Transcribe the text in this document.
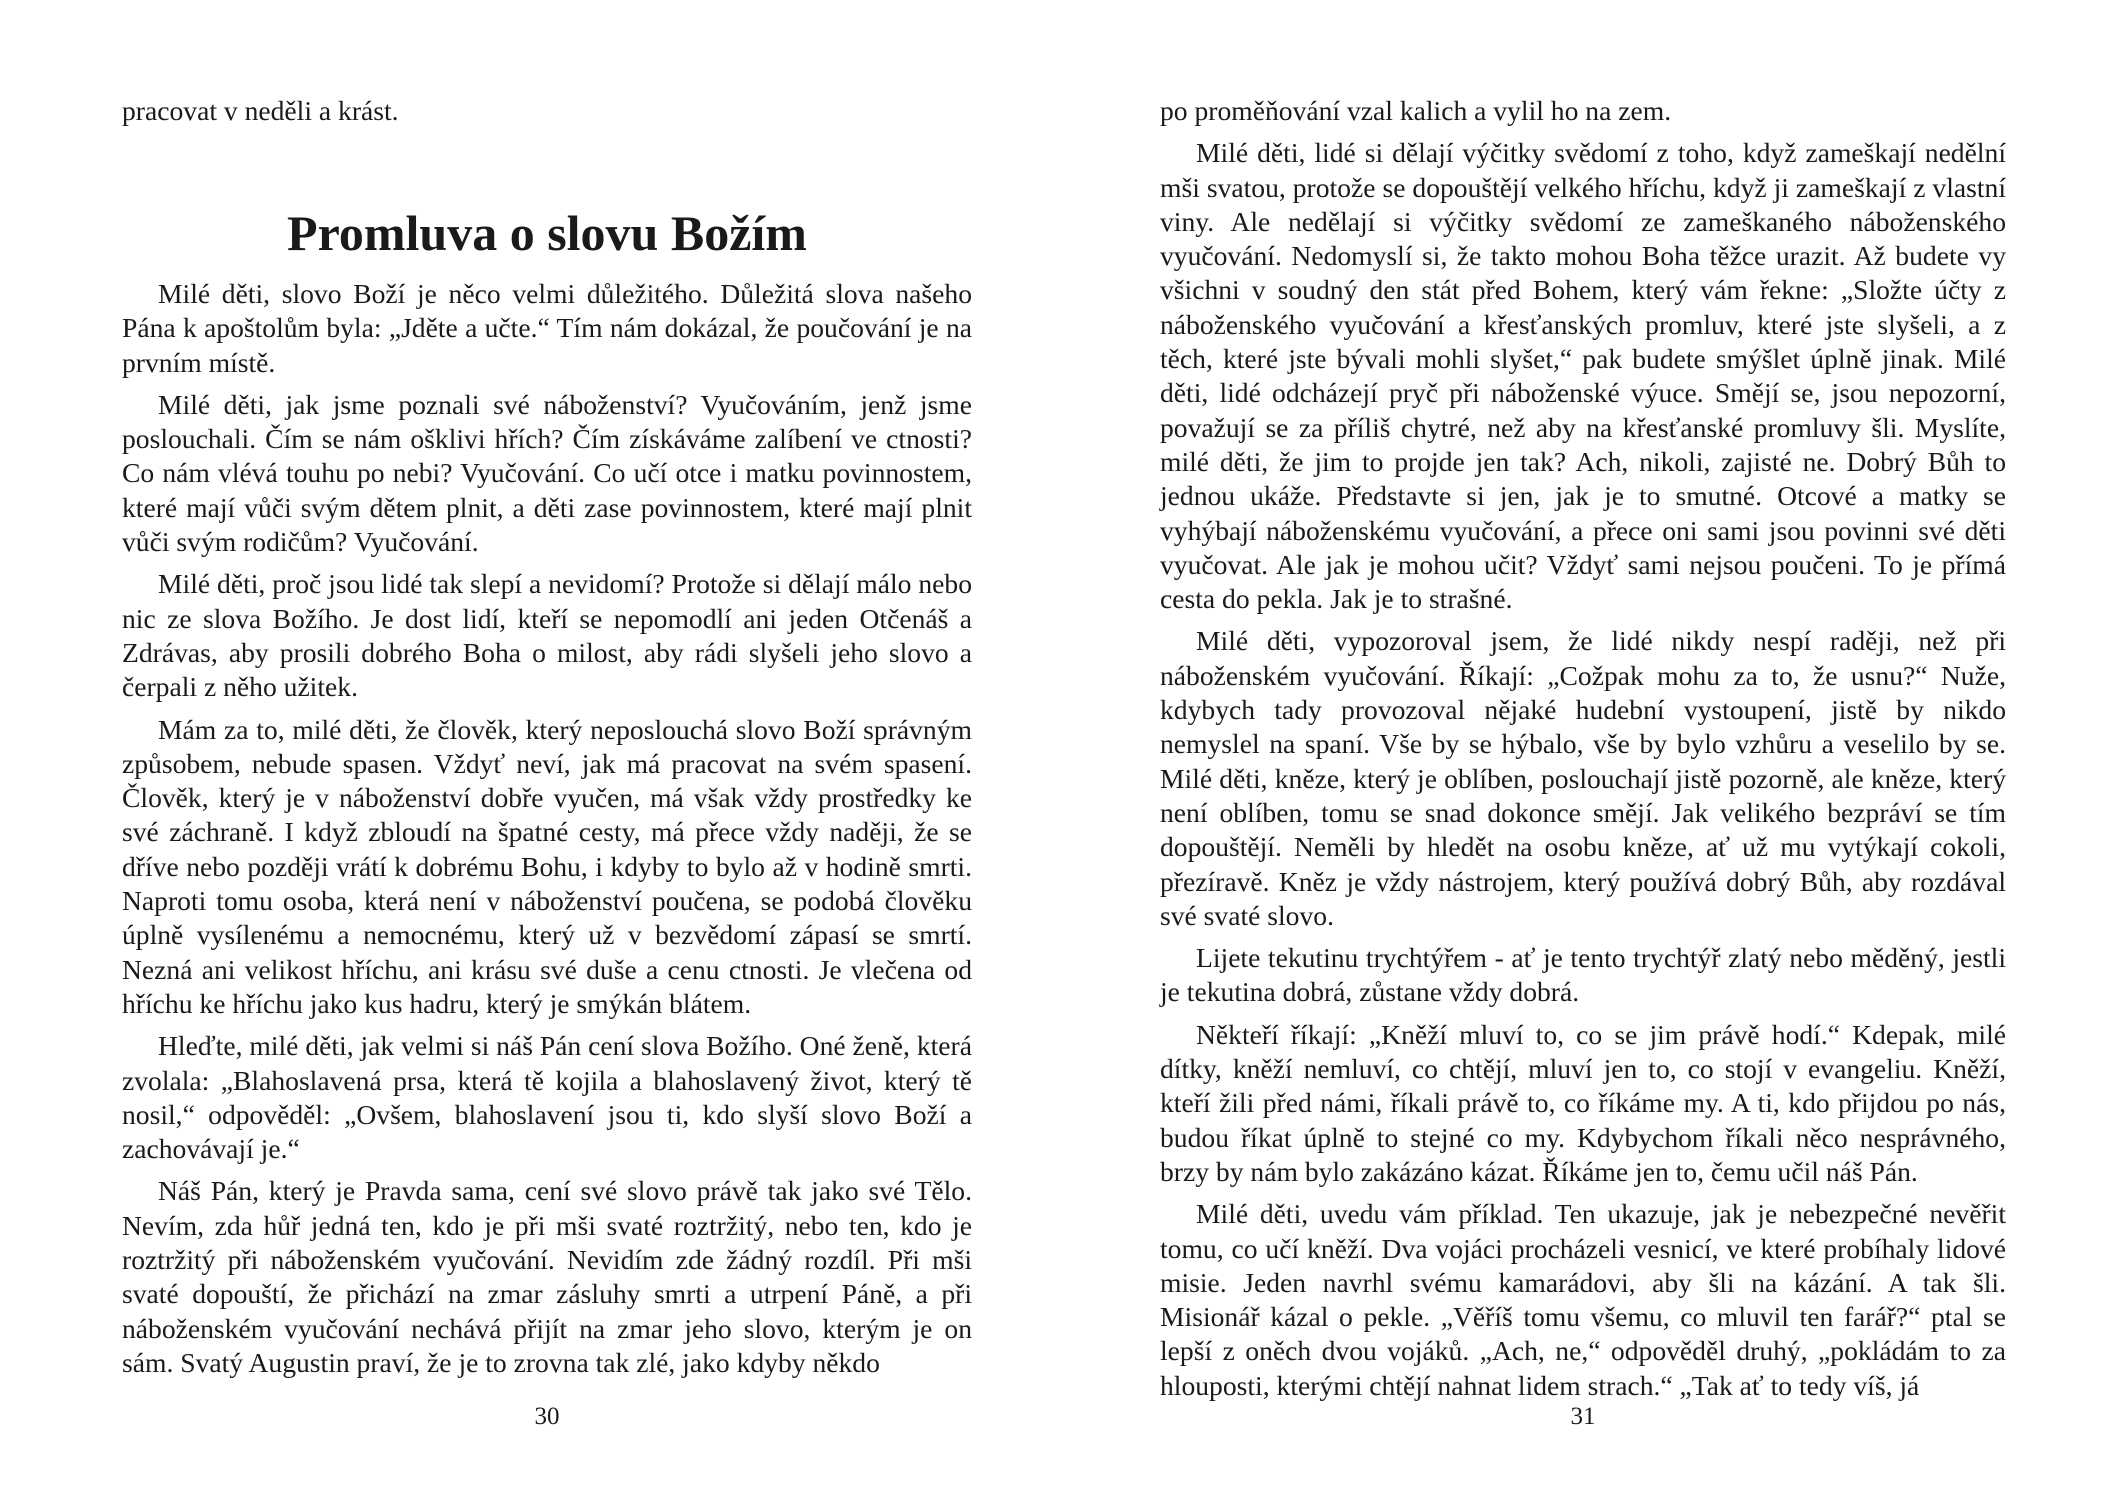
pracovat v neděli a krást.

Promluva o slovu Božím

Milé děti, slovo Boží je něco velmi důležitého. Důležitá slova našeho Pána k apoštolům byla: „Jděte a učte.“ Tím nám dokázal, že poučování je na prvním místě.

Milé děti, jak jsme poznali své náboženství? Vyučováním, jenž jsme poslouchali. Čím se nám ošklivi hřích? Čím získáváme zalíbení ve ctnosti? Co nám vlévá touhu po nebi? Vyučování. Co učí otce i matku povinnostem, které mají vůči svým dětem plnit, a děti zase povinnostem, které mají plnit vůči svým rodičům? Vyučování.

Milé děti, proč jsou lidé tak slepí a nevidomí? Protože si dělají málo nebo nic ze slova Božího. Je dost lidí, kteří se nepomodlí ani jeden Otčenáš a Zdrávas, aby prosili dobrého Boha o milost, aby rádi slyšeli jeho slovo a čerpali z něho užitek.

Mám za to, milé děti, že člověk, který neposlouchá slovo Boží správným způsobem, nebude spasen. Vždyť neví, jak má pracovat na svém spasení. Člověk, který je v náboženství dobře vyučen, má však vždy prostředky ke své záchraně. I když zbloudí na špatné cesty, má přece vždy naději, že se dříve nebo později vrátí k dobrému Bohu, i kdyby to bylo až v hodině smrti. Naproti tomu osoba, která není v náboženství poučena, se podobá člověku úplně vysílenému a nemocnému, který už v bezvědomí zápasí se smrtí. Nezná ani velikost hříchu, ani krásu své duše a cenu ctnosti. Je vlečena od hříchu ke hříchu jako kus hadru, který je smýkán blátem.

Hleďte, milé děti, jak velmi si náš Pán cení slova Božího. Oné ženě, která zvolala: „Blahoslavená prsa, která tě kojila a blahoslavený život, který tě nosil,“ odpověděl: „Ovšem, blahoslavení jsou ti, kdo slyší slovo Boží a zachovávají je.“

Náš Pán, který je Pravda sama, cení své slovo právě tak jako své Tělo. Nevím, zda hůř jedná ten, kdo je při mši svaté roztržitý, nebo ten, kdo je roztržitý při náboženském vyučování. Nevidím zde žádný rozdíl. Při mši svaté dopouští, že přichází na zmar zásluhy smrti a utrpení Páně, a při náboženském vyučování nechává přijít na zmar jeho slovo, kterým je on sám. Svatý Augustin praví, že je to zrovna tak zlé, jako kdyby někdo

30

po proměňování vzal kalich a vylil ho na zem.

Milé děti, lidé si dělají výčitky svědomí z toho, když zameškají nedělní mši svatou, protože se dopouštějí velkého hříchu, když ji zameškají z vlastní viny. Ale nedělají si výčitky svědomí ze zameškaného náboženského vyučování. Nedomyslí si, že takto mohou Boha těžce urazit. Až budete vy všichni v soudný den stát před Bohem, který vám řekne: „Složte účty z náboženského vyučování a křesťanských promluv, které jste slyšeli, a z těch, které jste bývali mohli slyšet,“ pak budete smýšlet úplně jinak. Milé děti, lidé odcházejí pryč při náboženské výuce. Smějí se, jsou nepozorní, považují se za příliš chytré, než aby na křesťanské promluvy šli. Myslíte, milé děti, že jim to projde jen tak? Ach, nikoli, zajisté ne. Dobrý Bůh to jednou ukáže. Představte si jen, jak je to smutné. Otcové a matky se vyhýbají náboženskému vyučování, a přece oni sami jsou povinni své děti vyučovat. Ale jak je mohou učit? Vždyť sami nejsou poučeni. To je přímá cesta do pekla. Jak je to strašné.

Milé děti, vypozoroval jsem, že lidé nikdy nespí raději, než při náboženském vyučování. Říkají: „Cožpak mohu za to, že usnu?“ Nuže, kdybych tady provozoval nějaké hudební vystoupení, jistě by nikdo nemyslel na spaní. Vše by se hýbalo, vše by bylo vzhůru a veselilo by se. Milé děti, kněze, který je oblíben, poslouchají jistě pozorně, ale kněze, který není oblíben, tomu se snad dokonce smějí. Jak velikého bezpráví se tím dopouštějí. Neměli by hledět na osobu kněze, ať už mu vytýkají cokoli, přezíravě. Kněz je vždy nástrojem, který používá dobrý Bůh, aby rozdával své svaté slovo.

Lijete tekutinu trychtýřem - ať je tento trychtýř zlatý nebo měděný, jestli je tekutina dobrá, zůstane vždy dobrá.

Někteří říkají: „Kněží mluví to, co se jim právě hodí.“ Kdepak, milé dítky, kněží nemluví, co chtějí, mluví jen to, co stojí v evangeliu. Kněží, kteří žili před námi, říkali právě to, co říkáme my. A ti, kdo přijdou po nás, budou říkat úplně to stejné co my. Kdybychom říkali něco nesprávného, brzy by nám bylo zakázáno kázat. Říkáme jen to, čemu učil náš Pán.

Milé děti, uvedu vám příklad. Ten ukazuje, jak je nebezpečné nevěřit tomu, co učí kněží. Dva vojáci procházeli vesnicí, ve které probíhaly lidové misie. Jeden navrhl svému kamarádovi, aby šli na kázání. A tak šli. Misionář kázal o pekle. „Věříš tomu všemu, co mluvil ten farář?“ ptal se lepší z oněch dvou vojáků. „Ach, ne,“ odpověděl druhý, „pokládám to za hlouposti, kterými chtějí nahnat lidem strach.“ „Tak ať to tedy víš, já

31
